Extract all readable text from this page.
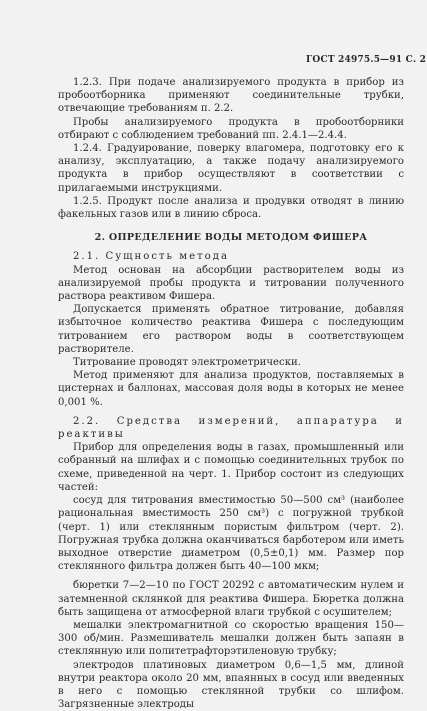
ГОСТ 24975.5—91 С. 2

1.2.3. При подаче анализируемого продукта в прибор из пробоотборника применяют соединительные трубки, отвечающие требованиям п. 2.2.

Пробы анализируемого продукта в пробоотборники отбирают с соблюдением требований пп. 2.4.1—2.4.4.

1.2.4. Градуирование, поверку влагомера, подготовку его к анализу, эксплуатацию, а также подачу анализируемого продукта в прибор осуществляют в соответствии с прилагаемыми инструкциями.

1.2.5. Продукт после анализа и продувки отводят в линию факельных газов или в линию сброса.

2. ОПРЕДЕЛЕНИЕ ВОДЫ МЕТОДОМ ФИШЕРА

2.1. Сущность метода

Метод основан на абсорбции растворителем воды из анализируемой пробы продукта и титровании полученного раствора реактивом Фишера.

Допускается применять обратное титрование, добавляя избыточное количество реактива Фишера с последующим титрованием его раствором воды в соответствующем растворителе.

Титрование проводят электрометрически.

Метод применяют для анализа продуктов, поставляемых в цистернах и баллонах, массовая доля воды в которых не менее 0,001 %.

2.2. Средства измерений, аппаратура и реактивы

Прибор для определения воды в газах, промышленный или собранный на шлифах и с помощью соединительных трубок по схеме, приведенной на черт. 1. Прибор состоит из следующих частей:

сосуд для титрования вместимостью 50—500 см³ (наиболее рациональная вместимость 250 см³) с погружной трубкой (черт. 1) или стеклянным пористым фильтром (черт. 2). Погружная трубка должна оканчиваться барботером или иметь выходное отверстие диаметром (0,5±0,1) мм. Размер пор стеклянного фильтра должен быть 40—100 мкм;

бюретки 7—2—10 по ГОСТ 20292 с автоматическим нулем и затемненной склянкой для реактива Фишера. Бюретка должна быть защищена от атмосферной влаги трубкой с осушителем;

мешалки электромагнитной со скоростью вращения 150—300 об/мин. Размешиватель мешалки должен быть запаян в стеклянную или политетрафторэтиленовую трубку;

электродов платиновых диаметром 0,6—1,5 мм, длиной внутри реактора около 20 мм, впаянных в сосуд или введенных в него с помощью стеклянной трубки со шлифом. Загрязненные электроды
